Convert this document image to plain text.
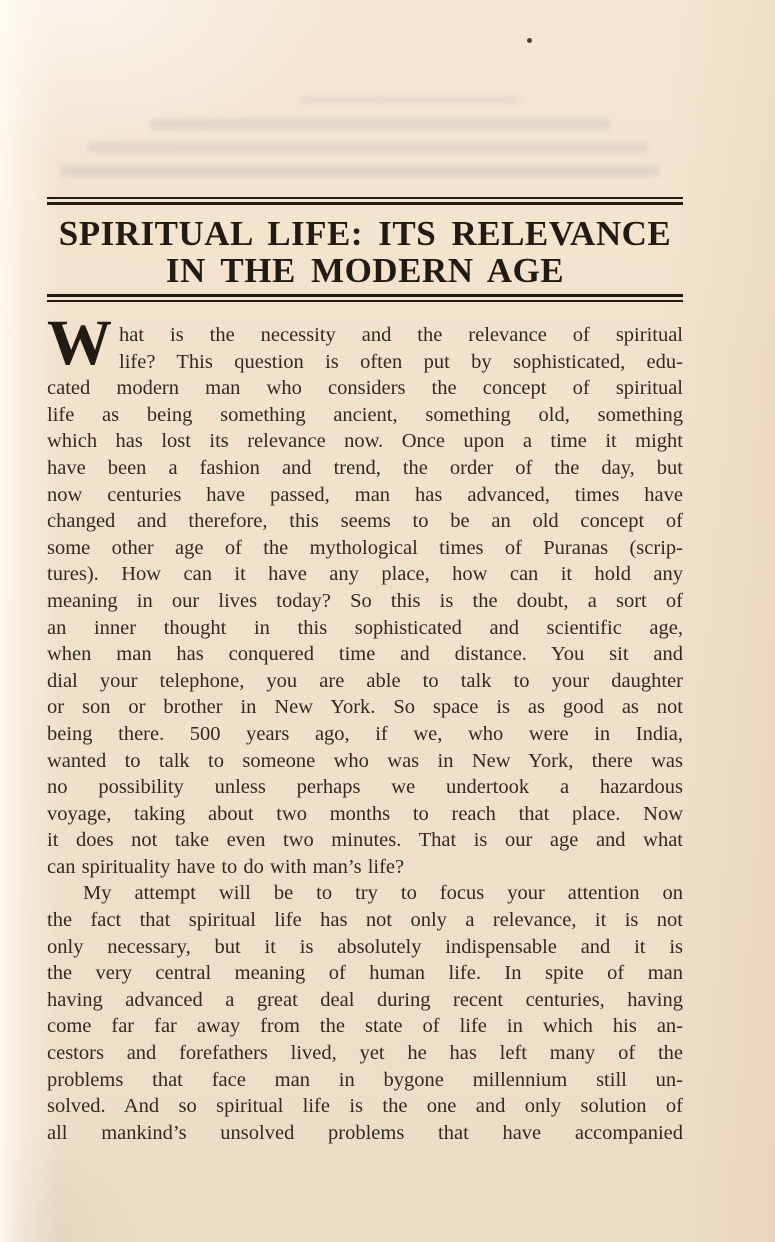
SPIRITUAL LIFE: ITS RELEVANCE
IN THE MODERN AGE
W hat is the necessity and the relevance of spiritual
life? This question is often put by sophisticated, edu-
cated modern man who considers the concept of spiritual
life as being something ancient, something old, something
which has lost its relevance now. Once upon a time it might
have been a fashion and trend, the order of the day, but
now centuries have passed, man has advanced, times have
changed and therefore, this seems to be an old concept of
some other age of the mythological times of Puranas (scrip-
tures). How can it have any place, how can it hold any
meaning in our lives today? So this is the doubt, a sort of
an inner thought in this sophisticated and scientific age,
when man has conquered time and distance. You sit and
dial your telephone, you are able to talk to your daughter
or son or brother in New York. So space is as good as not
being there. 500 years ago, if we, who were in India,
wanted to talk to someone who was in New York, there was
no possibility unless perhaps we undertook a hazardous
voyage, taking about two months to reach that place. Now
it does not take even two minutes. That is our age and what
can spirituality have to do with man’s life?
My attempt will be to try to focus your attention on
the fact that spiritual life has not only a relevance, it is not
only necessary, but it is absolutely indispensable and it is
the very central meaning of human life. In spite of man
having advanced a great deal during recent centuries, having
come far far away from the state of life in which his an-
cestors and forefathers lived, yet he has left many of the
problems that face man in bygone millennium still un-
solved. And so spiritual life is the one and only solution of
all mankind’s unsolved problems that have accompanied
